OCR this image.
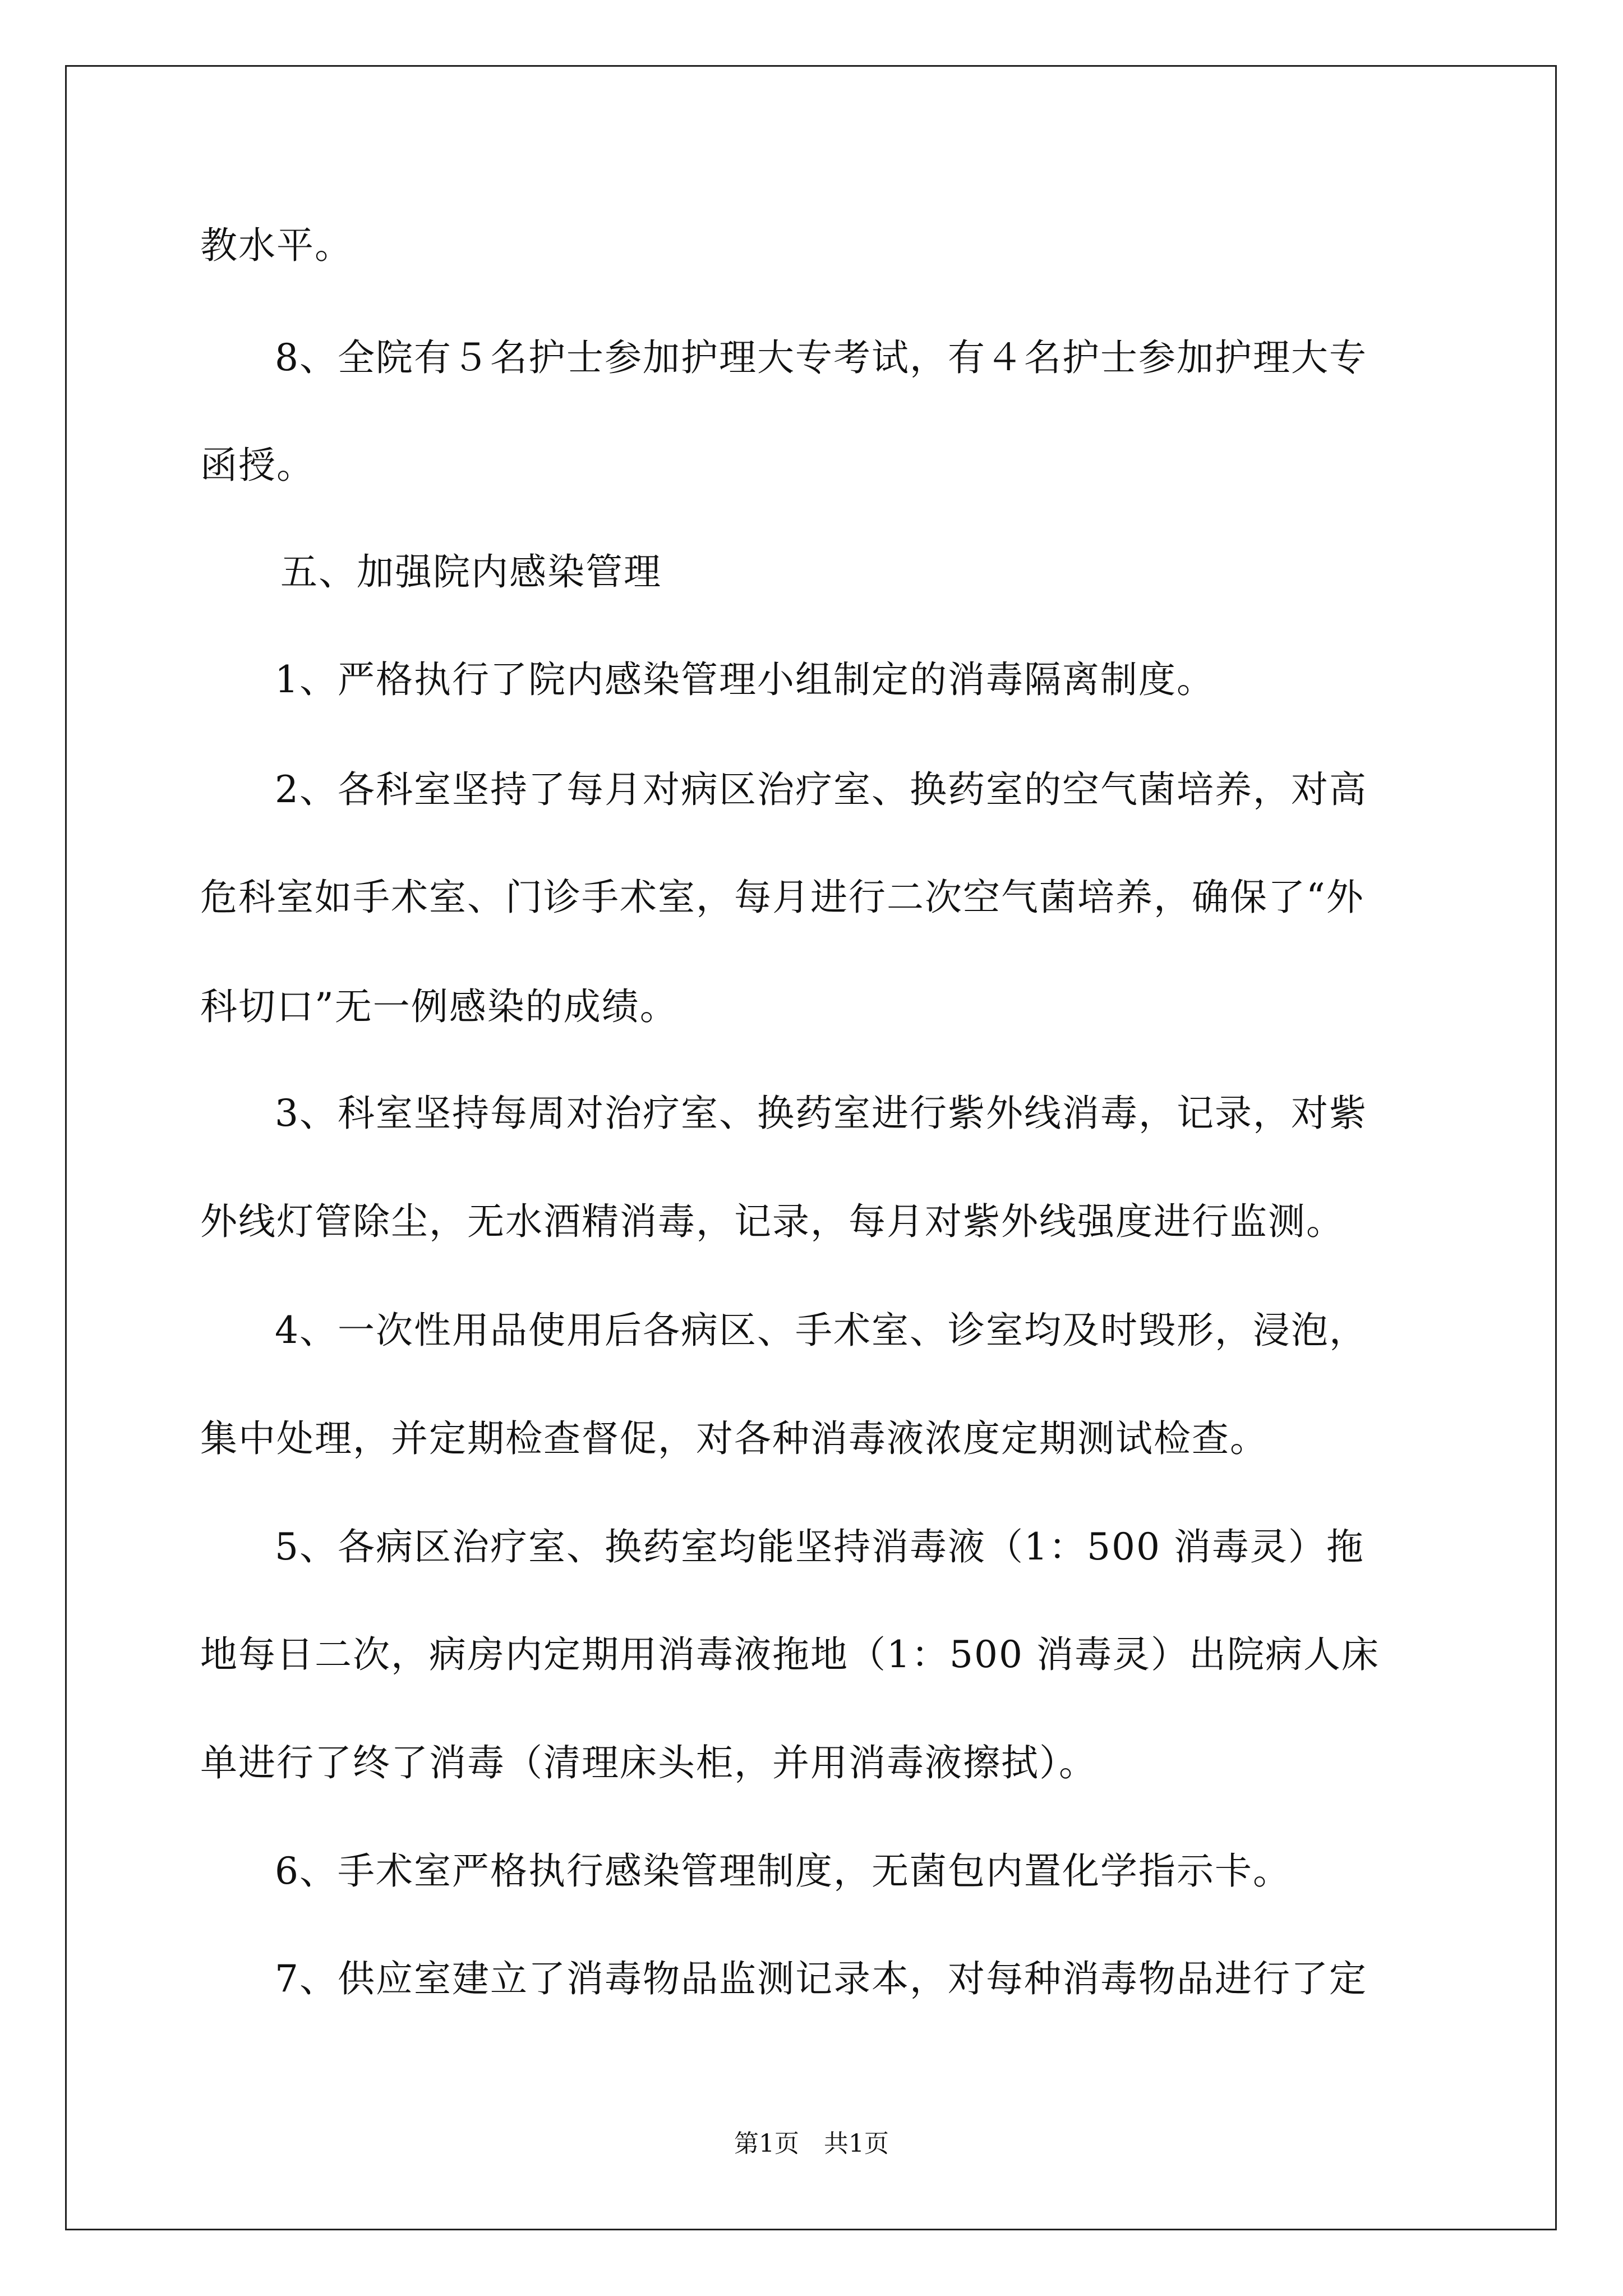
教水平。
8、全院有５名护士参加护理大专考试，有４名护士参加护理大专
函授。
五、加强院内感染管理
1、严格执行了院内感染管理小组制定的消毒隔离制度。
2、各科室坚持了每月对病区治疗室、换药室的空气菌培养，对高
危科室如手术室、门诊手术室，每月进行二次空气菌培养，确保了“外
科切口”无一例感染的成绩。
3、科室坚持每周对治疗室、换药室进行紫外线消毒，记录，对紫
外线灯管除尘，无水酒精消毒，记录，每月对紫外线强度进行监测。
4、一次性用品使用后各病区、手术室、诊室均及时毁形，浸泡，
集中处理，并定期检查督促，对各种消毒液浓度定期测试检查。
5、各病区治疗室、换药室均能坚持消毒液（1：500 消毒灵）拖
地每日二次，病房内定期用消毒液拖地（1：500 消毒灵）出院病人床
单进行了终了消毒（清理床头柜，并用消毒液擦拭）。
6、手术室严格执行感染管理制度，无菌包内置化学指示卡。
7、供应室建立了消毒物品监测记录本，对每种消毒物品进行了定
第1页　共1页
